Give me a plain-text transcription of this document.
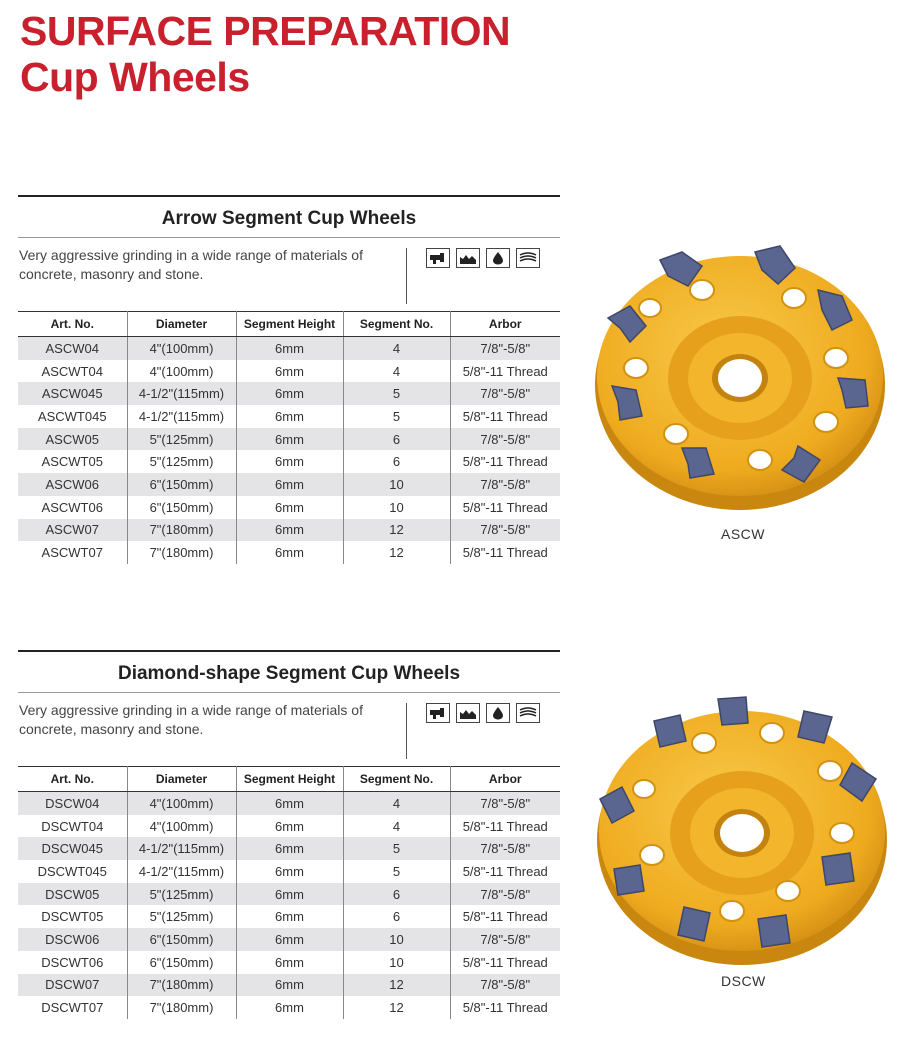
SURFACE PREPARATION
Cup Wheels
Arrow Segment Cup Wheels
Very aggressive grinding in a wide range of materials of concrete, masonry and stone.
Art. No.	Diameter	Segment Height	Segment No.	Arbor
ASCW04	4"(100mm)	6mm	4	7/8"-5/8"
ASCWT04	4"(100mm)	6mm	4	5/8"-11 Thread
ASCW045	4-1/2"(115mm)	6mm	5	7/8"-5/8"
ASCWT045	4-1/2"(115mm)	6mm	5	5/8"-11 Thread
ASCW05	5"(125mm)	6mm	6	7/8"-5/8"
ASCWT05	5"(125mm)	6mm	6	5/8"-11 Thread
ASCW06	6"(150mm)	6mm	10	7/8"-5/8"
ASCWT06	6"(150mm)	6mm	10	5/8"-11 Thread
ASCW07	7"(180mm)	6mm	12	7/8"-5/8"
ASCWT07	7"(180mm)	6mm	12	5/8"-11 Thread
Diamond-shape Segment Cup Wheels
Very aggressive grinding in a wide range of materials of concrete, masonry and stone.
Art. No.	Diameter	Segment Height	Segment No.	Arbor
DSCW04	4"(100mm)	6mm	4	7/8"-5/8"
DSCWT04	4"(100mm)	6mm	4	5/8"-11 Thread
DSCW045	4-1/2"(115mm)	6mm	5	7/8"-5/8"
DSCWT045	4-1/2"(115mm)	6mm	5	5/8"-11 Thread
DSCW05	5"(125mm)	6mm	6	7/8"-5/8"
DSCWT05	5"(125mm)	6mm	6	5/8"-11 Thread
DSCW06	6"(150mm)	6mm	10	7/8"-5/8"
DSCWT06	6"(150mm)	6mm	10	5/8"-11 Thread
DSCW07	7"(180mm)	6mm	12	7/8"-5/8"
DSCWT07	7"(180mm)	6mm	12	5/8"-11 Thread
ASCW
DSCW
